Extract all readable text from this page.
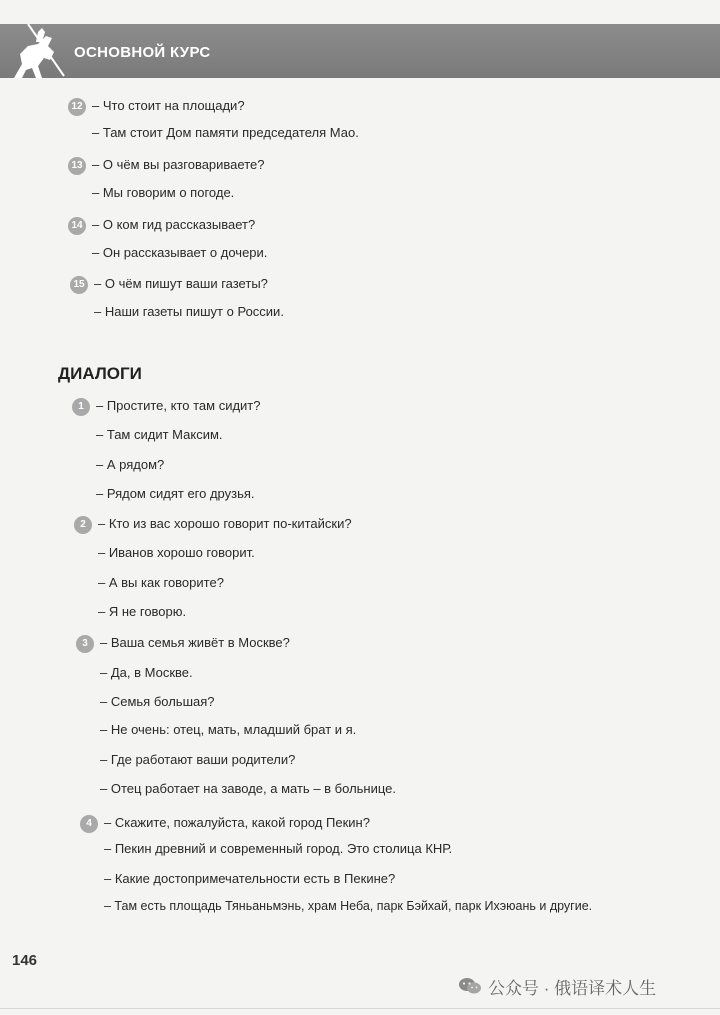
ОСНОВНОЙ КУРС
12 – Что стоит на площади?
– Там стоит Дом памяти председателя Мао.
13 – О чём вы разговариваете?
– Мы говорим о погоде.
14 – О ком гид рассказывает?
– Он рассказывает о дочери.
15 – О чём пишут ваши газеты?
– Наши газеты пишут о России.
ДИАЛОГИ
1 – Простите, кто там сидит?
– Там сидит Максим.
– А рядом?
– Рядом сидят его друзья.
2 – Кто из вас хорошо говорит по-китайски?
– Иванов хорошо говорит.
– А вы как говорите?
– Я не говорю.
3 – Ваша семья живёт в Москве?
– Да, в Москве.
– Семья большая?
– Не очень: отец, мать, младший брат и я.
– Где работают ваши родители?
– Отец работает на заводе, а мать – в больнице.
4 – Скажите, пожалуйста, какой город Пекин?
– Пекин древний и современный город. Это столица КНР.
– Какие достопримечательности есть в Пекине?
– Там есть площадь Тяньаньмэнь, храм Неба, парк Бэйхай, парк Ихэюань и другие.
146
公众号 · 俄语译术人生
